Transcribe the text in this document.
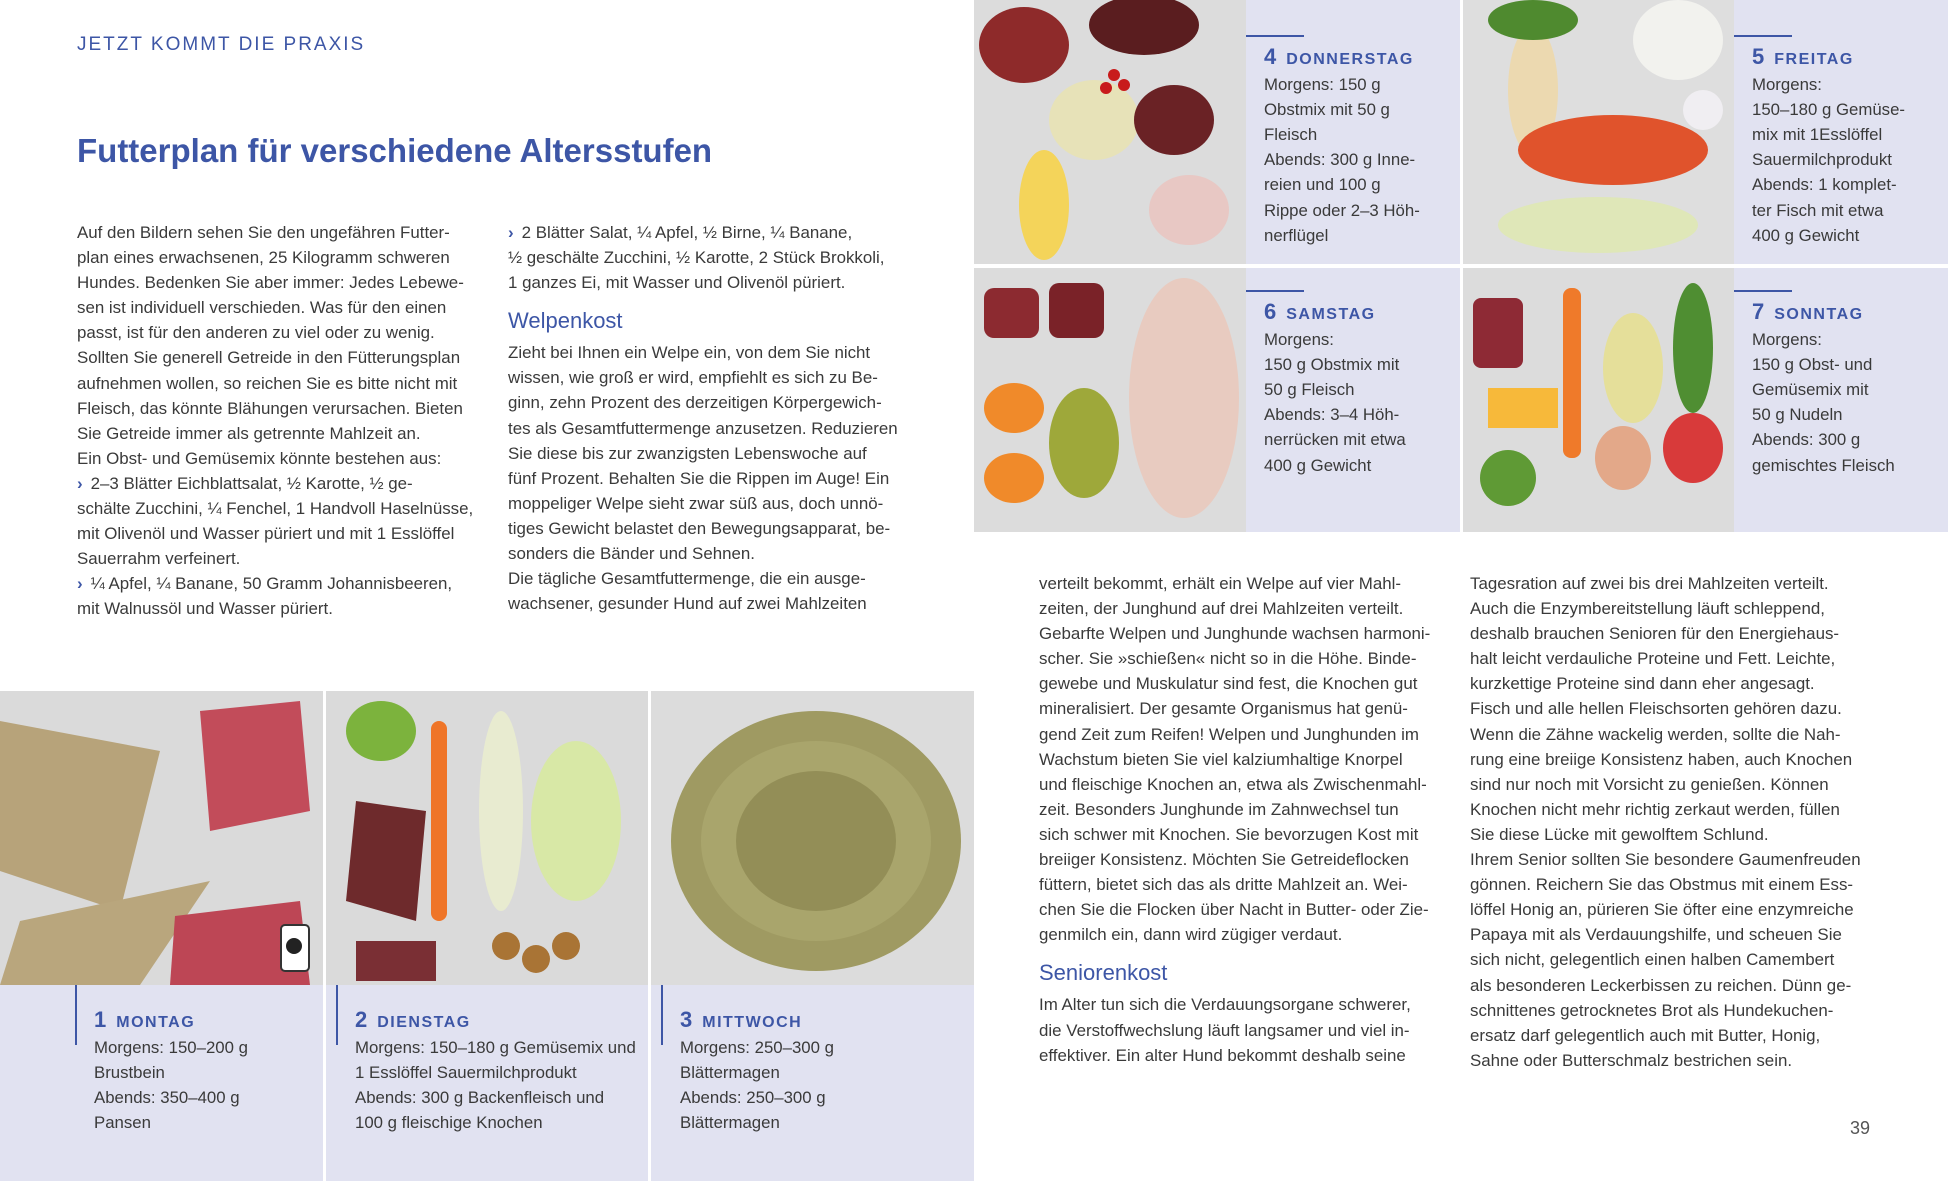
JETZT KOMMT DIE PRAXIS
Futterplan für verschiedene Altersstufen

Auf den Bildern sehen Sie den ungefähren Futter-
plan eines erwachsenen, 25 Kilogramm schweren
Hundes. Bedenken Sie aber immer: Jedes Lebewe-
sen ist individuell verschieden. Was für den einen
passt, ist für den anderen zu viel oder zu wenig.
Sollten Sie generell Getreide in den Fütterungsplan
aufnehmen wollen, so reichen Sie es bitte nicht mit
Fleisch, das könnte Blähungen verursachen. Bieten
Sie Getreide immer als getrennte Mahlzeit an.
Ein Obst- und Gemüsemix könnte bestehen aus:

› 2–3 Blätter Eichblattsalat, ½ Karotte, ½ ge-
schälte Zucchini, ¼ Fenchel, 1 Handvoll Haselnüsse,
mit Olivenöl und Wasser püriert und mit 1 Esslöffel
Sauerrahm verfeinert.

› ¼ Apfel, ¼ Banane, 50 Gramm Johannisbeeren,
mit Walnussöl und Wasser püriert.

› 2 Blätter Salat, ¼ Apfel, ½ Birne, ¼ Banane,
½ geschälte Zucchini, ½ Karotte, 2 Stück Brokkoli,
1 ganzes Ei, mit Wasser und Olivenöl püriert.

Welpenkost

Zieht bei Ihnen ein Welpe ein, von dem Sie nicht
wissen, wie groß er wird, empfiehlt es sich zu Be-
ginn, zehn Prozent des derzeitigen Körpergewich-
tes als Gesamtfuttermenge anzusetzen. Reduzieren
Sie diese bis zur zwanzigsten Lebenswoche auf
fünf Prozent. Behalten Sie die Rippen im Auge! Ein
moppeliger Welpe sieht zwar süß aus, doch unnö-
tiges Gewicht belastet den Bewegungsapparat, be-
sonders die Bänder und Sehnen.
Die tägliche Gesamtfuttermenge, die ein ausge-
wachsener, gesunder Hund auf zwei Mahlzeiten

verteilt bekommt, erhält ein Welpe auf vier Mahl-
zeiten, der Junghund auf drei Mahlzeiten verteilt.
Gebarfte Welpen und Junghunde wachsen harmoni-
scher. Sie »schießen« nicht so in die Höhe. Binde-
gewebe und Muskulatur sind fest, die Knochen gut
mineralisiert. Der gesamte Organismus hat genü-
gend Zeit zum Reifen! Welpen und Junghunden im
Wachstum bieten Sie viel kalziumhaltige Knorpel
und fleischige Knochen an, etwa als Zwischenmahl-
zeit. Besonders Junghunde im Zahnwechsel tun
sich schwer mit Knochen. Sie bevorzugen Kost mit
breiiger Konsistenz. Möchten Sie Getreideflocken
füttern, bietet sich das als dritte Mahlzeit an. Wei-
chen Sie die Flocken über Nacht in Butter- oder Zie-
genmilch ein, dann wird zügiger verdaut.

Seniorenkost

Im Alter tun sich die Verdauungsorgane schwerer,
die Verstoffwechslung läuft langsamer und viel in-
effektiver. Ein alter Hund bekommt deshalb seine

Tagesration auf zwei bis drei Mahlzeiten verteilt.
Auch die Enzymbereitstellung läuft schleppend,
deshalb brauchen Senioren für den Energiehaus-
halt leicht verdauliche Proteine und Fett. Leichte,
kurzkettige Proteine sind dann eher angesagt.
Fisch und alle hellen Fleischsorten gehören dazu.
Wenn die Zähne wackelig werden, sollte die Nah-
rung eine breiige Konsistenz haben, auch Knochen
sind nur noch mit Vorsicht zu genießen. Können
Knochen nicht mehr richtig zerkaut werden, füllen
Sie diese Lücke mit gewolftem Schlund.
Ihrem Senior sollten Sie besondere Gaumenfreuden
gönnen. Reichern Sie das Obstmus mit einem Ess-
löffel Honig an, pürieren Sie öfter eine enzymreiche
Papaya mit als Verdauungshilfe, und scheuen Sie
sich nicht, gelegentlich einen halben Camembert
als besonderen Leckerbissen zu reichen. Dünn ge-
schnittenes getrocknetes Brot als Hundekuchen-
ersatz darf gelegentlich auch mit Butter, Honig,
Sahne oder Butterschmalz bestrichen sein.

4 DONNERSTAG
Morgens: 150 g
Obstmix mit 50 g
Fleisch
Abends: 300 g Inne-
reien und 100 g
Rippe oder 2–3 Höh-
nerflügel
5 FREITAG
Morgens:
150–180 g Gemüse-
mix mit 1Esslöffel
Sauermilchprodukt
Abends: 1 komplet-
ter Fisch mit etwa
400 g Gewicht
6 SAMSTAG
Morgens:
150 g Obstmix mit
50 g Fleisch
Abends: 3–4 Höh-
nerrücken mit etwa
400 g Gewicht
7 SONNTAG
Morgens:
150 g Obst- und
Gemüsemix mit
50 g Nudeln
Abends: 300 g
gemischtes Fleisch
1 MONTAG
Morgens: 150–200 g
Brustbein
Abends: 350–400 g
Pansen
2 DIENSTAG
Morgens: 150–180 g Gemüsemix und
1 Esslöffel Sauermilchprodukt
Abends: 300 g Backenfleisch und
100 g fleischige Knochen
3 MITTWOCH
Morgens: 250–300 g
Blättermagen
Abends: 250–300 g
Blättermagen	39
